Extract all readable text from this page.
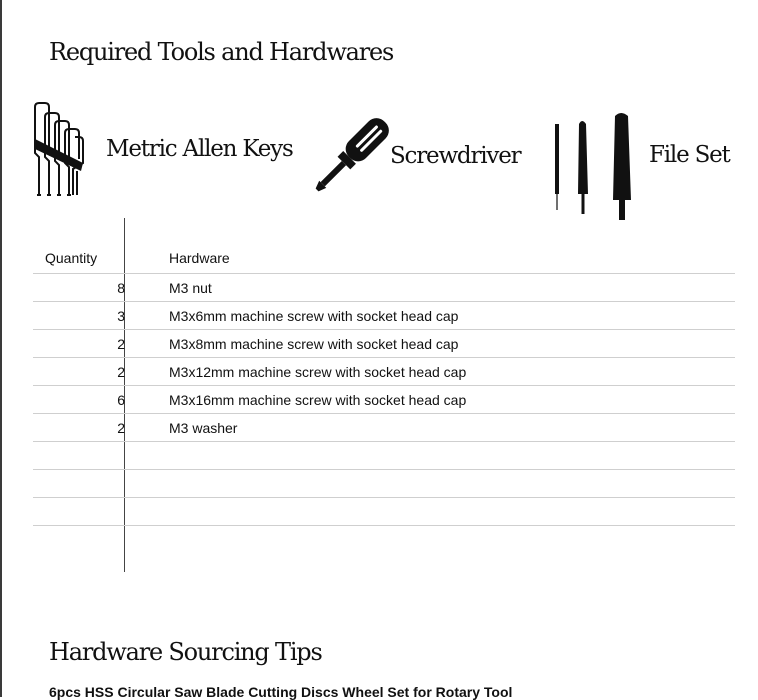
Required Tools and Hardwares
Metric Allen Keys	Screwdriver	File Set
Quantity	Hardware
8	M3 nut
3	M3x6mm machine screw with socket head cap
2	M3x8mm machine screw with socket head cap
2	M3x12mm machine screw with socket head cap
6	M3x16mm machine screw with socket head cap
2	M3 washer

Hardware Sourcing Tips
6pcs HSS Circular Saw Blade Cutting Discs Wheel Set for Rotary Tool
